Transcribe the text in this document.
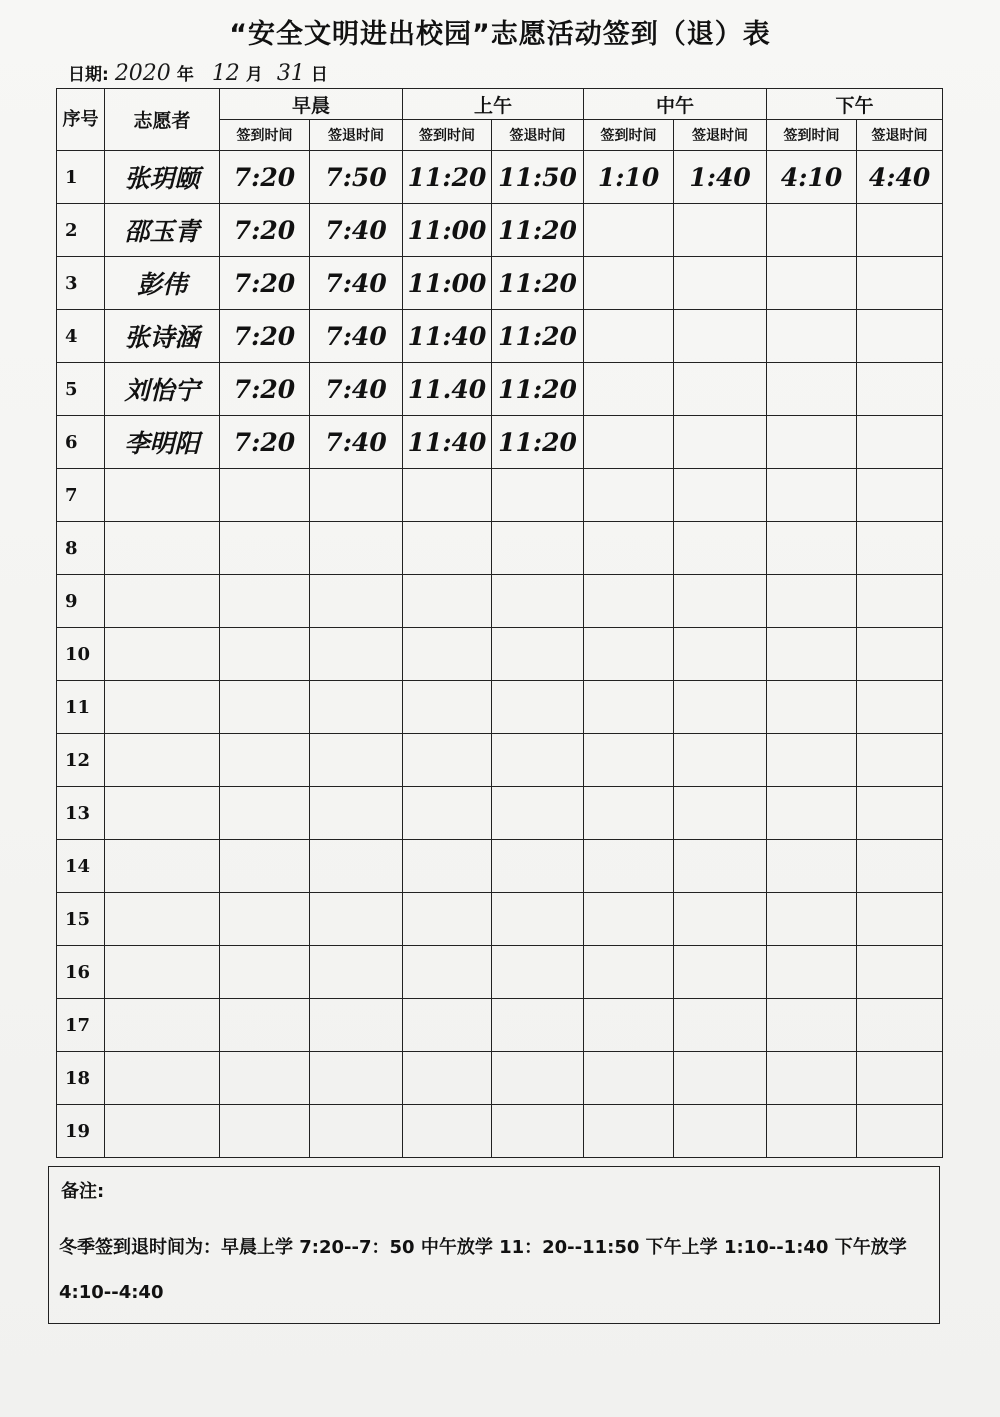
“安全文明进出校园”志愿活动签到（退）表
日期: 2020 年 12 月 31 日
序号	志愿者	早晨		上午		中午		下午	
		签到时间	签退时间	签到时间	签退时间	签到时间	签退时间	签到时间	签退时间
1	张玥颐	7:20	7:50	11:20	11:50	1:10	1:40	4:10	4:40
2	邵玉青	7:20	7:40	11:00	11:20				
3	彭伟	7:20	7:40	11:00	11:20				
4	张诗涵	7:20	7:40	11:40	11:20				
5	刘怡宁	7:20	7:40	11.40	11:20				
6	李明阳	7:20	7:40	11:40	11:20				
7									
8									
9									
10									
11									
12									
13									
14									
15									
16									
17									
18									
19									
备注:
冬季签到退时间为：早晨上学 7:20--7：50 中午放学 11：20--11:50 下午上学 1:10--1:40 下午放学 4:10--4:40
